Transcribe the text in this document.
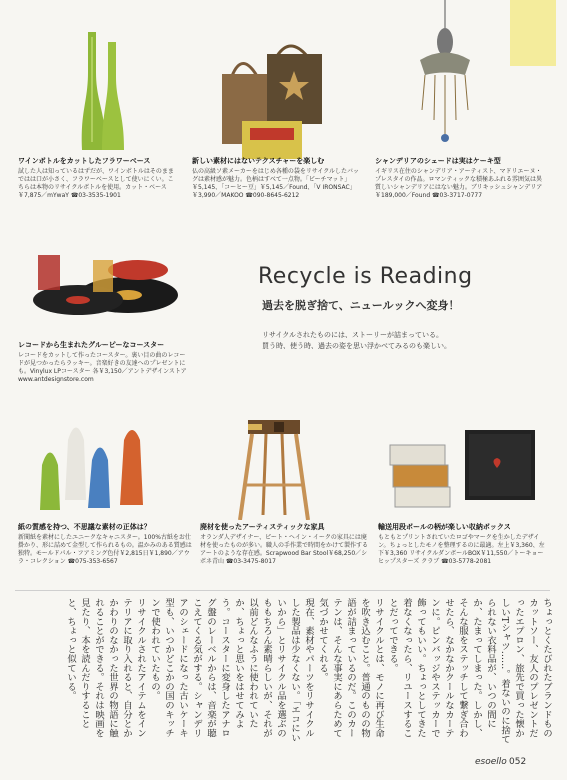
ワインボトルをカットしたフラワーベース
試した人は知っているはずだが、ワインボトルはそのままではは口が小さく、フラワーベースとして使いにくい。こちらは本物のリサイクルボトルを使用。カット・ベース￥7,875／mYwaY ☎03-3535-1901
新しい素材にはないテクスチャーを楽しむ
仏の高級ソ素メーカーをはじめ各種の袋をリサイクルしたバッグは素材感が魅力。色柄はすべて一点物。「ビーチマット」￥5,145、「コーヒー豆」￥5,145／Found、「V IRONSAC」￥3,990／MAKOO ☎090-8645-6212
シャンデリアのシェードは実はケーキ型
イギリス在住のシャンデリア・アーティスト、マドリエーヌ・プレスタイの作品。ロマンティックな積極あふれる雰囲気は異質しいシャンデリアにはない魅力。ブリキッシュシャンデリア￥189,000／Found ☎03-3717-0777
レコードから生まれたグルーピーなコースター
レコードをカットして作ったコースター。裏い目の曲のレコードが見つかったらラッキー。音楽好きの友達へのプレゼントにも。Vinylux LPコースター 各￥3,150／アントデザインストア www.antdesignstore.com
Recycle is Reading
過去を脱ぎ捨て、ニュールックへ変身！
リサイクルされたものには、ストーリーが詰まっている。
買う時、使う時、過去の姿を思い浮かべてみるのも楽しい。
紙の質感を持つ、不思議な素材の正体は？
新聞紙を素材にしたユニークなキャニスター。100%古紙をお仕掛かり、形に詰めて金型して作られるもの。温かみのある質感は独特。モールドパル・フアミング色付￥2,815日￥1,890／アウラ・コレクション ☎075-353-6567
廃材を使ったアーティスティックな家具
オランダ人デザイナー、ピート・ヘイン・イークの家具には廃材を使ったものが多い。職人の手作業で時間をかけて製作するアートのような存在感。Scrapwood Bar Stool￥68,250／シボネ青山 ☎03-3475-8017
輸送用段ボールの柄が楽しい収納ボックス
もともとプリントされていたロゴやマークを生かしたデザイン。ちょっとしたモノを整理するのに最適。左上￥3,360、左下￥3,360 リサイクルダンボールBOX￥11,550／トーキョー ヒップスターズ クラブ ☎03-5778-2081
ちょっとくたびれたブランドものカットソー、友人のプレゼントだったエプロン、旅先で買った懐かしいTシャツ……。着ないのに捨てられない衣料品が、いつの間にか、たまってしまった。しかし、そんな服をステッチして繋ぎ合わせたら、なかなかクールなカーテンに。ピンバッジやステッカーで飾ってもいい。ちょっとしてきた着なくなったら、リユースすることだってできる。
リサイクルとは、モノに再び生命を吹き込むこと。普通のものの物語が詰まっているのだ。このカーテンは、そんな事実にあらためて気づかせてくれる。
現在、素材やパーツをリサイクルした製品は少なくない。「エコにいいから」とリサイクル品を選ぶのももちろん素晴らしいが、それが以前どんなふうに使われていたか、ちょっと思いをはせてみよう。コースターに変身したアナログ盤のレーベルからは、音楽が聴こえてくる気がする。シャンデリアのシェードになった古いケーキ型も、いつかどこかの国のキッチンで使われていたもの。
リサイクルされたアイテムをインテリアに取り入れると、自分とかかわりのなかった世界の物語に触れることができる。それは映画を見たり、本を読んだりすることと、ちょっと似ている。
esoello 052
